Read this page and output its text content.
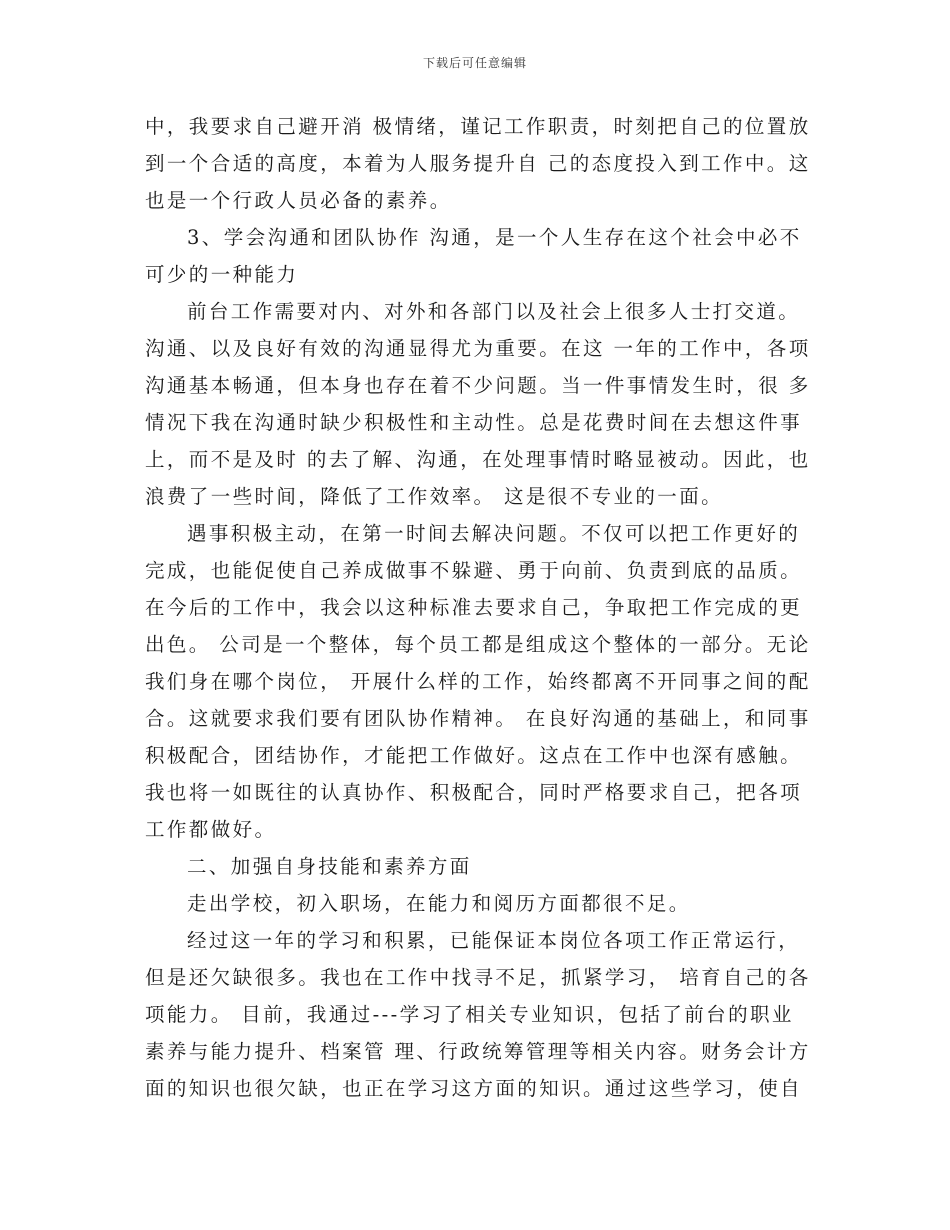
下载后可任意编辑
中，我要求自己避开消 极情绪，谨记工作职责，时刻把自己的位置放
到一个合适的高度，本着为人服务提升自 己的态度投入到工作中。这
也是一个行政人员必备的素养。
3、学会沟通和团队协作 沟通，是一个人生存在这个社会中必不
可少的一种能力
前台工作需要对内、对外和各部门以及社会上很多人士打交道。
沟通、以及良好有效的沟通显得尤为重要。在这 一年的工作中，各项
沟通基本畅通，但本身也存在着不少问题。当一件事情发生时，很 多
情况下我在沟通时缺少积极性和主动性。总是花费时间在去想这件事
上，而不是及时 的去了解、沟通，在处理事情时略显被动。因此，也
浪费了一些时间，降低了工作效率。 这是很不专业的一面。
遇事积极主动，在第一时间去解决问题。不仅可以把工作更好的
完成，也能促使自己养成做事不躲避、勇于向前、负责到底的品质。
在今后的工作中，我会以这种标准去要求自己，争取把工作完成的更
出色。 公司是一个整体，每个员工都是组成这个整体的一部分。无论
我们身在哪个岗位， 开展什么样的工作，始终都离不开同事之间的配
合。这就要求我们要有团队协作精神。 在良好沟通的基础上，和同事
积极配合，团结协作，才能把工作做好。这点在工作中也深有感触。
我也将一如既往的认真协作、积极配合，同时严格要求自己，把各项
工作都做好。
二、加强自身技能和素养方面
走出学校，初入职场，在能力和阅历方面都很不足。
经过这一年的学习和积累，已能保证本岗位各项工作正常运行，
但是还欠缺很多。我也在工作中找寻不足，抓紧学习， 培育自己的各
项能力。 目前，我通过---学习了相关专业知识，包括了前台的职业
素养与能力提升、档案管 理、行政统筹管理等相关内容。财务会计方
面的知识也很欠缺，也正在学习这方面的知识。通过这些学习，使自
